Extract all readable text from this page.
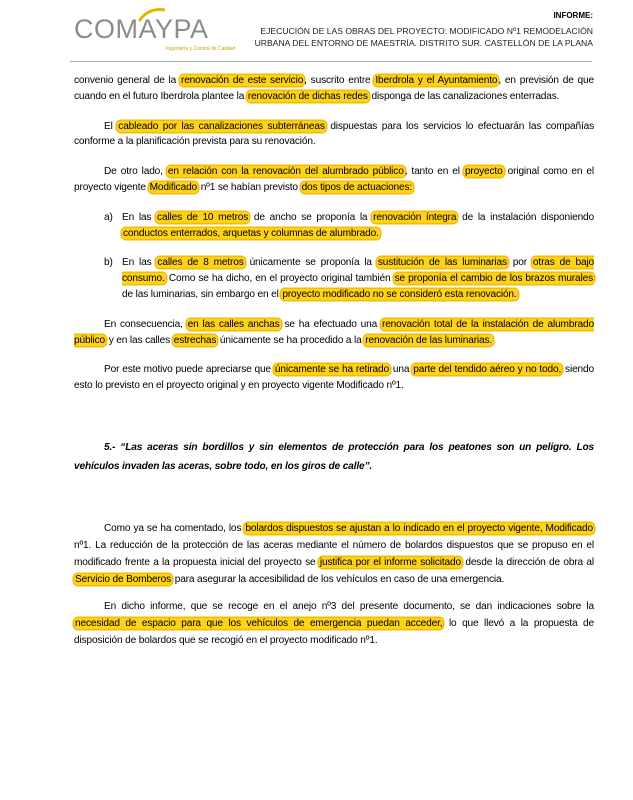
COMAYPA
Ingeniería y Control de Calidad
INFORME:
EJECUCIÓN DE LAS OBRAS DEL PROYECTO: MODIFICADO Nº1 REMODELACIÓN
URBANA DEL ENTORNO DE MAESTRÍA. DISTRITO SUR. CASTELLÓN DE LA PLANA

convenio general de la renovación de este servicio, suscrito entre Iberdrola y el Ayuntamiento, en previsión de que cuando en el futuro Iberdrola plantee la renovación de dichas redes disponga de las canalizaciones enterradas.

El cableado por las canalizaciones subterráneas dispuestas para los servicios lo efectuarán las compañías conforme a la planificación prevista para su renovación.

De otro lado, en relación con la renovación del alumbrado público, tanto en el proyecto original como en el proyecto vigente Modificado nº1 se habían previsto dos tipos de actuaciones:

a) En las calles de 10 metros de ancho se proponía la renovación íntegra de la instalación disponiendo conductos enterrados, arquetas y columnas de alumbrado.

b) En las calles de 8 metros únicamente se proponía la sustitución de las luminarias por otras de bajo consumo. Como se ha dicho, en el proyecto original también se proponía el cambio de los brazos murales de las luminarias, sin embargo en el proyecto modificado no se consideró esta renovación.

En consecuencia, en las calles anchas se ha efectuado una renovación total de la instalación de alumbrado público y en las calles estrechas únicamente se ha procedido a la renovación de las luminarias.

Por este motivo puede apreciarse que únicamente se ha retirado una parte del tendido aéreo y no todo, siendo esto lo previsto en el proyecto original y en proyecto vigente Modificado nº1.

5.- “Las aceras sin bordillos y sin elementos de protección para los peatones son un peligro. Los vehículos invaden las aceras, sobre todo, en los giros de calle”.

Como ya se ha comentado, los bolardos dispuestos se ajustan a lo indicado en el proyecto vigente, Modificado nº1. La reducción de la protección de las aceras mediante el número de bolardos dispuestos que se propuso en el modificado frente a la propuesta inicial del proyecto se justifica por el informe solicitado desde la dirección de obra al Servicio de Bomberos para asegurar la accesibilidad de los vehículos en caso de una emergencia.

En dicho informe, que se recoge en el anejo nº3 del presente documento, se dan indicaciones sobre la necesidad de espacio para que los vehículos de emergencia puedan acceder, lo que llevó a la propuesta de disposición de bolardos que se recogió en el proyecto modificado nº1.
